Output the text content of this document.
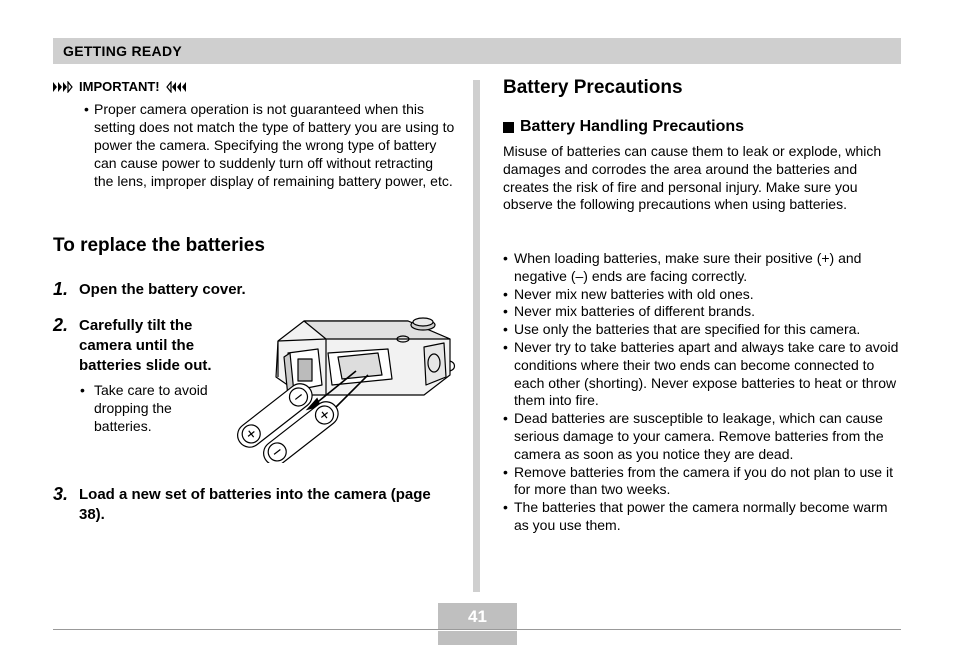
GETTING READY
IMPORTANT!
• Proper camera operation is not guaranteed when this setting does not match the type of battery you are using to power the camera. Specifying the wrong type of battery can cause power to suddenly turn off without retracting the lens, improper display of remaining battery power, etc.
To replace the batteries
1. Open the battery cover.
2. Carefully tilt the camera until the batteries slide out.
• Take care to avoid dropping the batteries.
3. Load a new set of batteries into the camera (page 38).
Battery Precautions
Battery Handling Precautions
Misuse of batteries can cause them to leak or explode, which damages and corrodes the area around the batteries and creates the risk of fire and personal injury. Make sure you observe the following precautions when using batteries.
• When loading batteries, make sure their positive (+) and negative (–) ends are facing correctly.
• Never mix new batteries with old ones.
• Never mix batteries of different brands.
• Use only the batteries that are specified for this camera.
• Never try to take batteries apart and always take care to avoid conditions where their two ends can become connected to each other (shorting). Never expose batteries to heat or throw them into fire.
• Dead batteries are susceptible to leakage, which can cause serious damage to your camera. Remove batteries from the camera as soon as you notice they are dead.
• Remove batteries from the camera if you do not plan to use it for more than two weeks.
• The batteries that power the camera normally become warm as you use them.
41
